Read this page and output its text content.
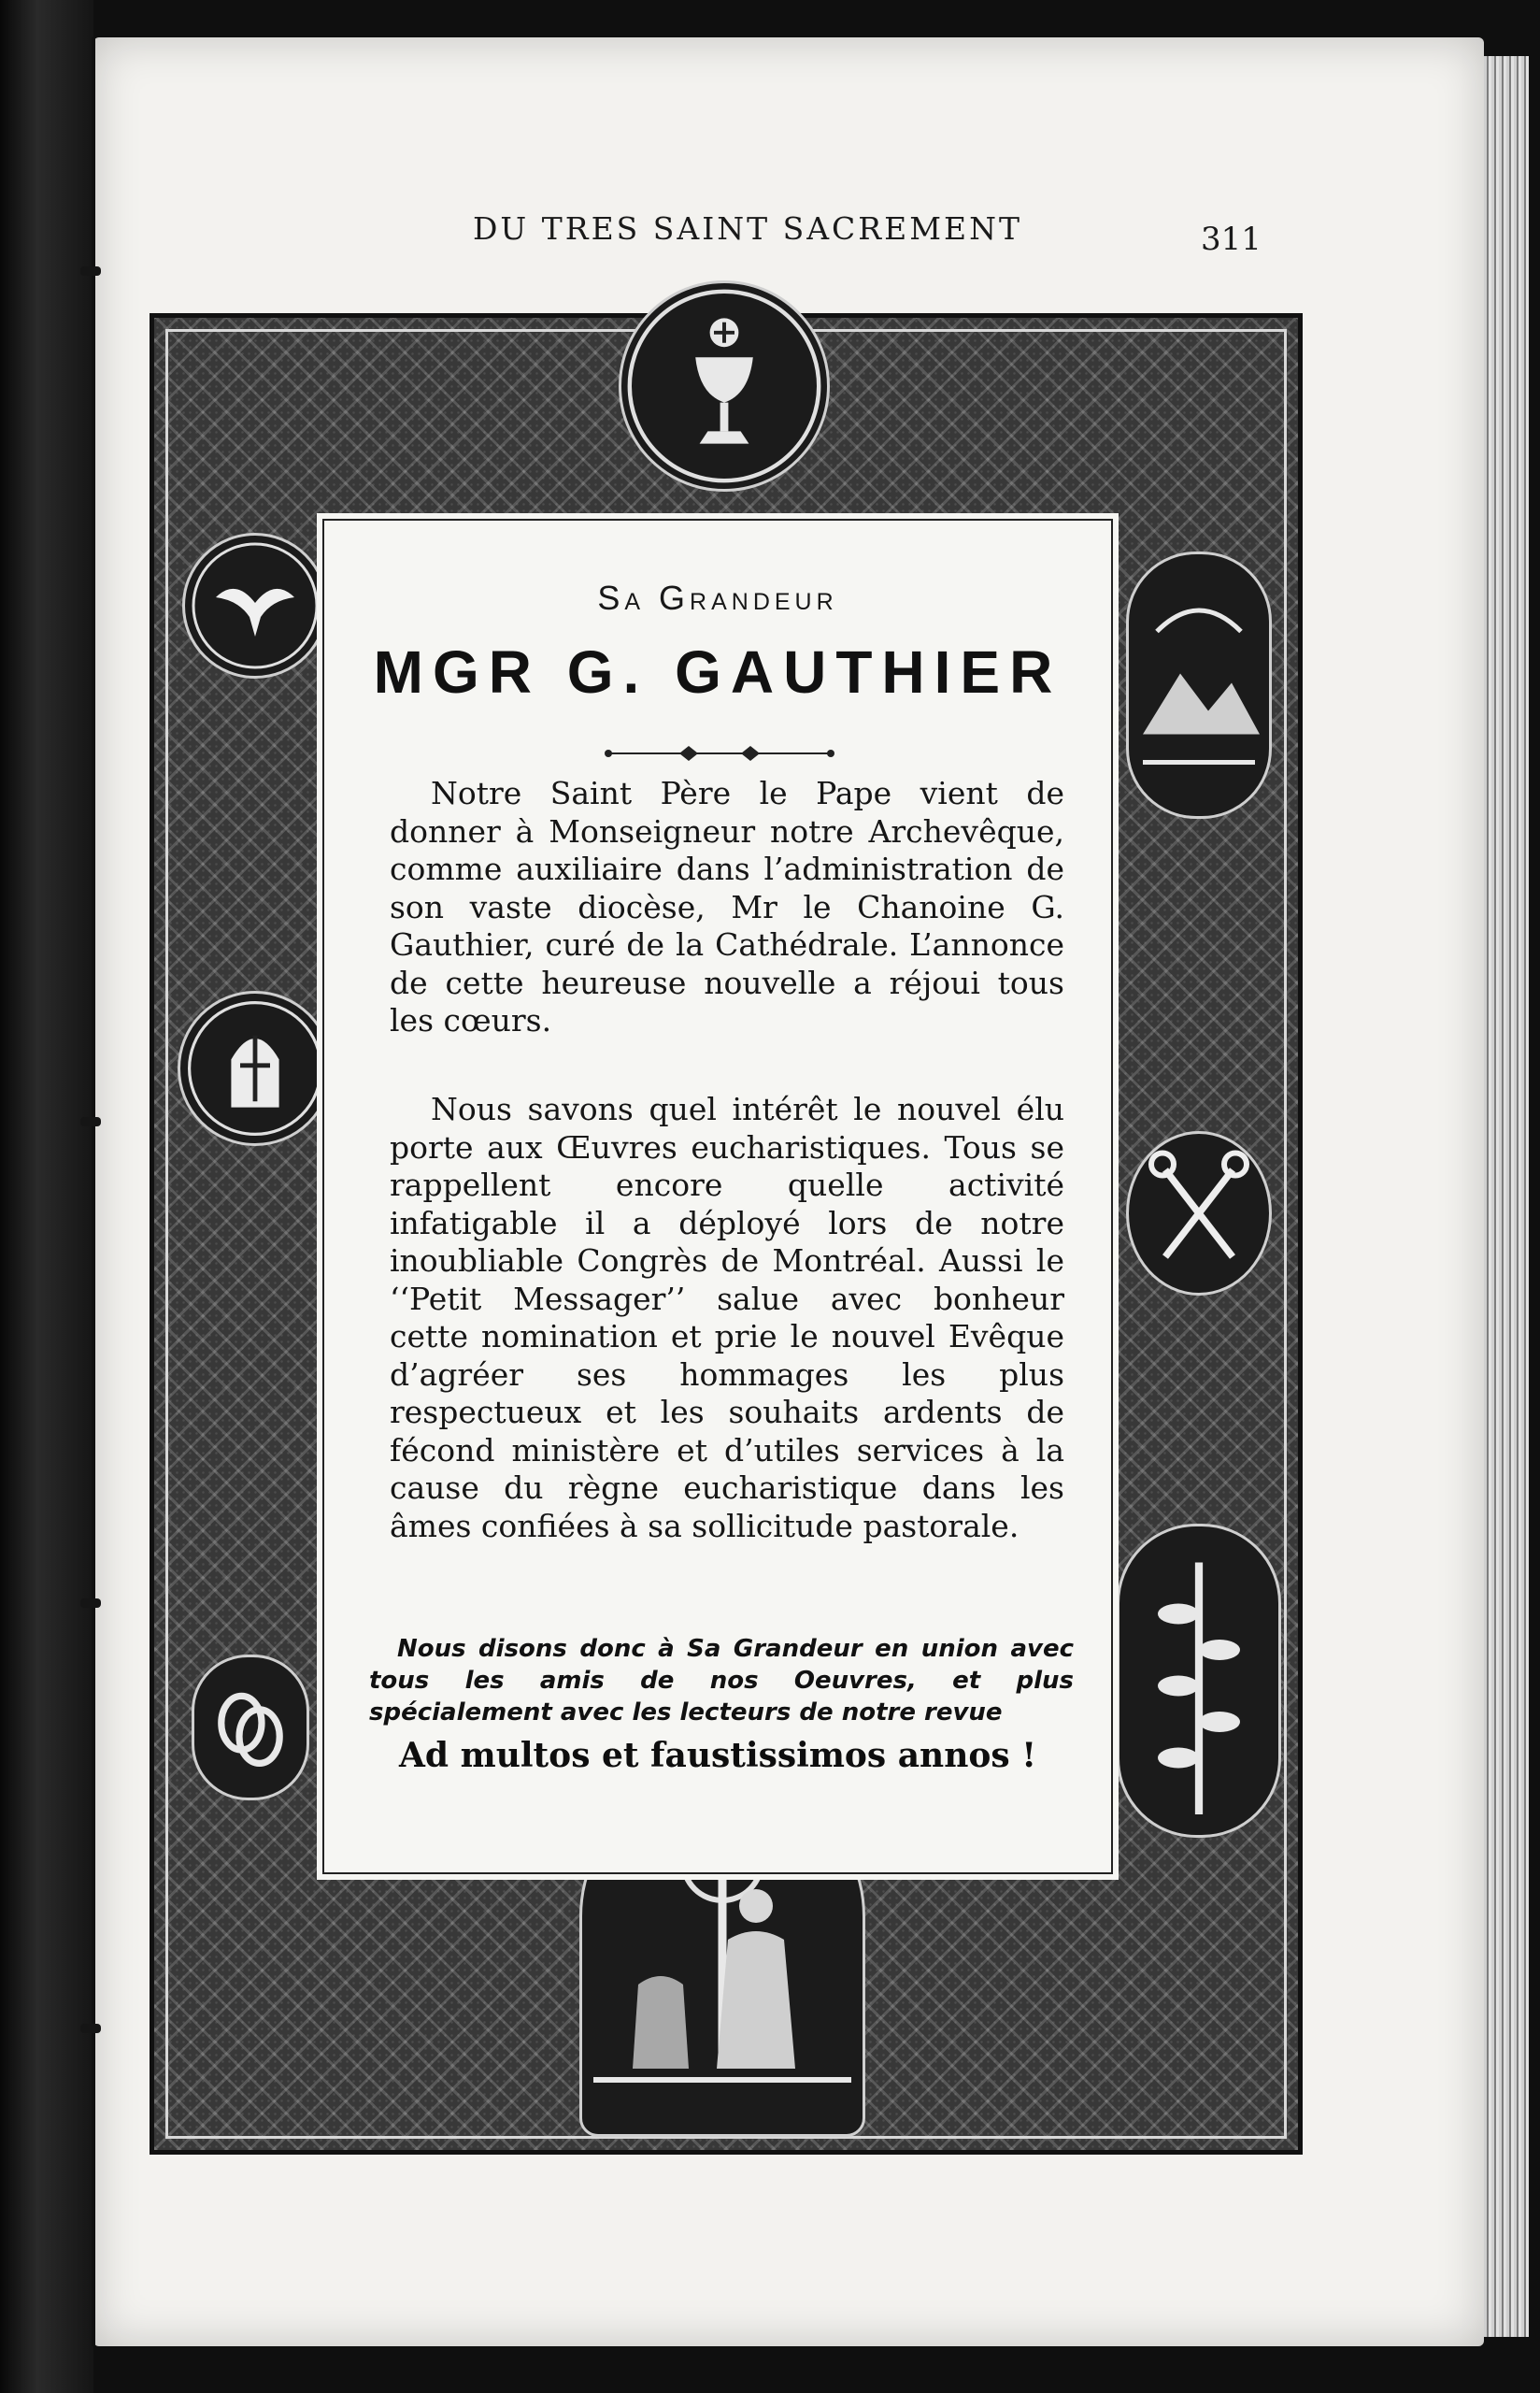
DU TRES SAINT SACREMENT	311
Sa Grandeur
MGR G. GAUTHIER

Notre Saint Père le Pape vient de donner à Monseigneur notre Archevêque, comme auxiliaire dans l’administration de son vaste diocèse, Mr le Chanoine G. Gauthier, curé de la Cathédrale. L’annonce de cette heureuse nouvelle a réjoui tous les cœurs.

Nous savons quel intérêt le nouvel élu porte aux Œuvres eucharistiques. Tous se rappellent encore quelle activité infatigable il a déployé lors de notre inoubliable Congrès de Montréal. Aussi le ‘‘Petit Messager’’ salue avec bonheur cette nomination et prie le nouvel Evêque d’agréer ses hommages les plus respectueux et les souhaits ardents de fécond ministère et d’utiles services à la cause du règne eucharistique dans les âmes confiées à sa sollicitude pastorale.

Nous disons donc à Sa Grandeur en union avec tous les amis de nos Oeuvres, et plus spécialement avec les lecteurs de notre revue

Ad multos et faustissimos annos !
